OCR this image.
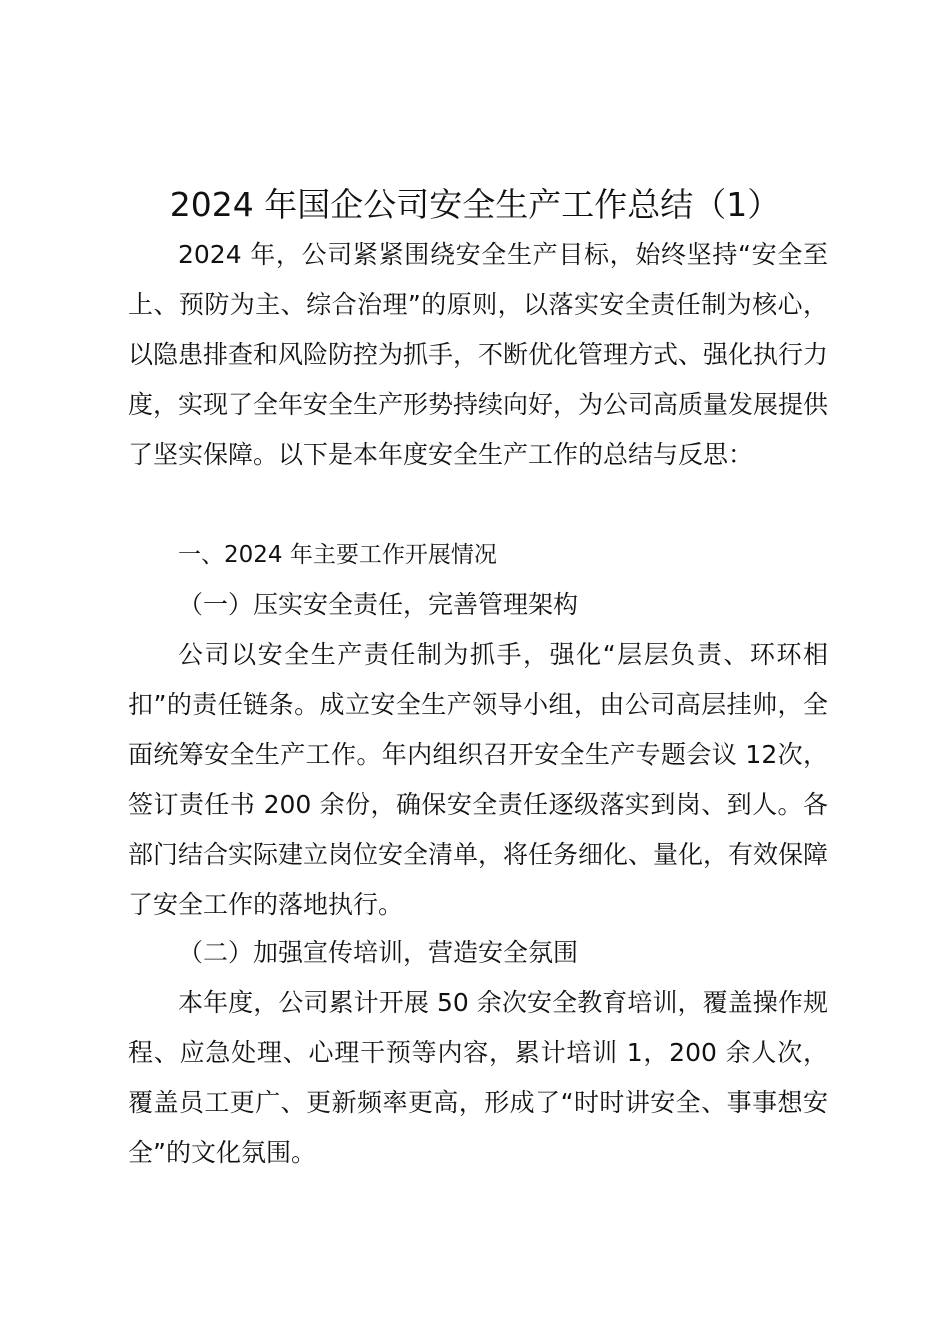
2024 年国企公司安全生产工作总结（1）

2024 年，公司紧紧围绕安全生产目标，始终坚持“安全至上、预防为主、综合治理”的原则，以落实安全责任制为核心，以隐患排查和风险防控为抓手，不断优化管理方式、强化执行力度，实现了全年安全生产形势持续向好，为公司高质量发展提供了坚实保障。以下是本年度安全生产工作的总结与反思：

一、2024 年主要工作开展情况
（一）压实安全责任，完善管理架构

公司以安全生产责任制为抓手，强化“层层负责、环环相扣”的责任链条。成立安全生产领导小组，由公司高层挂帅，全面统筹安全生产工作。年内组织召开安全生产专题会议 12次，签订责任书 200 余份，确保安全责任逐级落实到岗、到人。各部门结合实际建立岗位安全清单，将任务细化、量化，有效保障了安全工作的落地执行。

（二）加强宣传培训，营造安全氛围

本年度，公司累计开展 50 余次安全教育培训，覆盖操作规程、应急处理、心理干预等内容，累计培训 1，200 余人次，覆盖员工更广、更新频率更高，形成了“时时讲安全、事事想安全”的文化氛围。
